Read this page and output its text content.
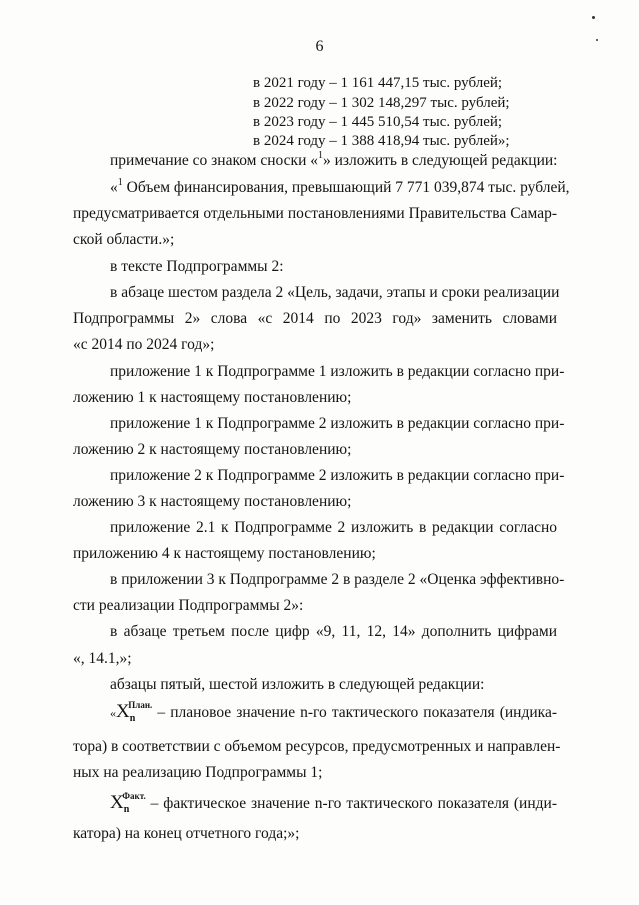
6
в 2021 году – 1 161 447,15 тыс. рублей;
в 2022 году – 1 302 148,297 тыс. рублей;
в 2023 году – 1 445 510,54 тыс. рублей;
в 2024 году – 1 388 418,94 тыс. рублей»;
примечание со знаком сноски «$^1$» изложить в следующей редакции:
«$^1$ Объем финансирования, превышающий 7 771 039,874 тыс. рублей,
предусматривается отдельными постановлениями Правительства Самар-
ской области.»;
в тексте Подпрограммы 2:
в абзаце шестом раздела 2 «Цель, задачи, этапы и сроки реализации
Подпрограммы 2» слова «с 2014 по 2023 год» заменить словами
«с 2014 по 2024 год»;
приложение 1 к Подпрограмме 1 изложить в редакции согласно при-
ложению 1 к настоящему постановлению;
приложение 1 к Подпрограмме 2 изложить в редакции согласно при-
ложению 2 к настоящему постановлению;
приложение 2 к Подпрограмме 2 изложить в редакции согласно при-
ложению 3 к настоящему постановлению;
приложение 2.1 к Подпрограмме 2 изложить в редакции согласно
приложению 4 к настоящему постановлению;
в приложении 3 к Подпрограмме 2 в разделе 2 «Оценка эффективно-
сти реализации Подпрограммы 2»:
в абзаце третьем после цифр «9, 11, 12, 14» дополнить цифрами
«, 14.1,»;
абзацы пятый, шестой изложить в следующей редакции:
«$X_n^{План.}$ – плановое значение n-го тактического показателя (индика-
тора) в соответствии с объемом ресурсов, предусмотренных и направлен-
ных на реализацию Подпрограммы 1;
$X_n^{Факт.}$ – фактическое значение n-го тактического показателя (инди-
катора) на конец отчетного года;»;
